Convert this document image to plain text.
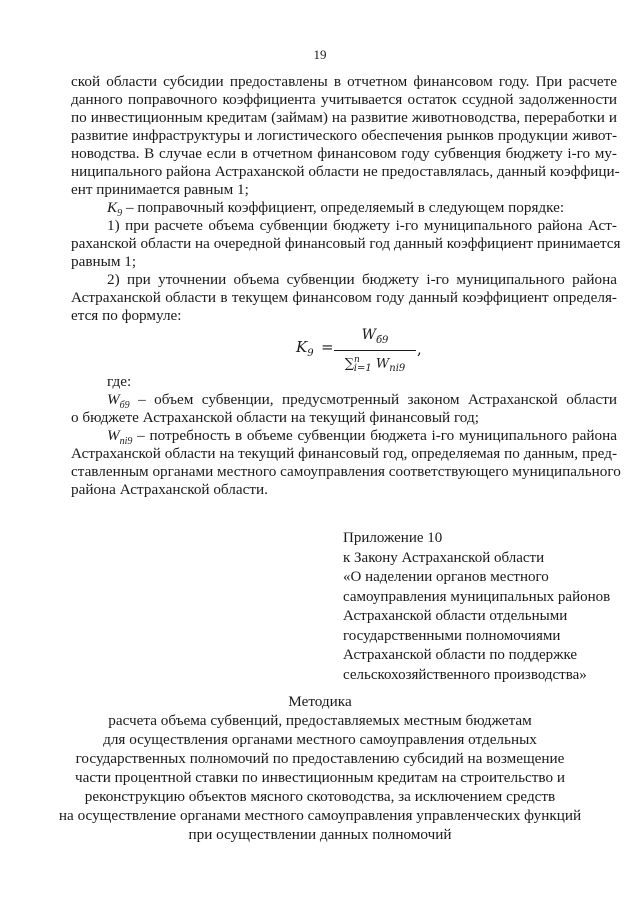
19
ской области субсидии предоставлены в отчетном финансовом году. При расчете
данного поправочного коэффициента учитывается остаток ссудной задолженности
по инвестиционным кредитам (займам) на развитие животноводства, переработки и
развитие инфраструктуры и логистического обеспечения рынков продукции живот-
новодства. В случае если в отчетном финансовом году субвенция бюджету i-го му-
ниципального района Астраханской области не предоставлялась, данный коэффици-
ент принимается равным 1;
$K_9$ – поправочный коэффициент, определяемый в следующем порядке:
1) при расчете объема субвенции бюджету i-го муниципального района Аст-
раханской области на очередной финансовый год данный коэффициент принимается
равным 1;
2) при уточнении объема субвенции бюджету i-го муниципального района
Астраханской области в текущем финансовом году данный коэффициент определя-
ется по формуле:
$K_9$ =
$W_{б9}$
∑$^n_{i=1}$ $W_{пi9}$
,
где:
$W_{б9}$ – объем субвенции, предусмотренный законом Астраханской области
о бюджете Астраханской области на текущий финансовый год;
$W_{пi9}$ – потребность в объеме субвенции бюджета i-го муниципального района
Астраханской области на текущий финансовый год, определяемая по данным, пред-
ставленным органами местного самоуправления соответствующего муниципального
района Астраханской области.
Приложение 10
к Закону Астраханской области
«О наделении органов местного
самоуправления муниципальных районов
Астраханской области отдельными
государственными полномочиями
Астраханской области по поддержке
сельскохозяйственного производства»
Методика
расчета объема субвенций, предоставляемых местным бюджетам
для осуществления органами местного самоуправления отдельных
государственных полномочий по предоставлению субсидий на возмещение
части процентной ставки по инвестиционным кредитам на строительство и
реконструкцию объектов мясного скотоводства, за исключением средств
на осуществление органами местного самоуправления управленческих функций
при осуществлении данных полномочий
